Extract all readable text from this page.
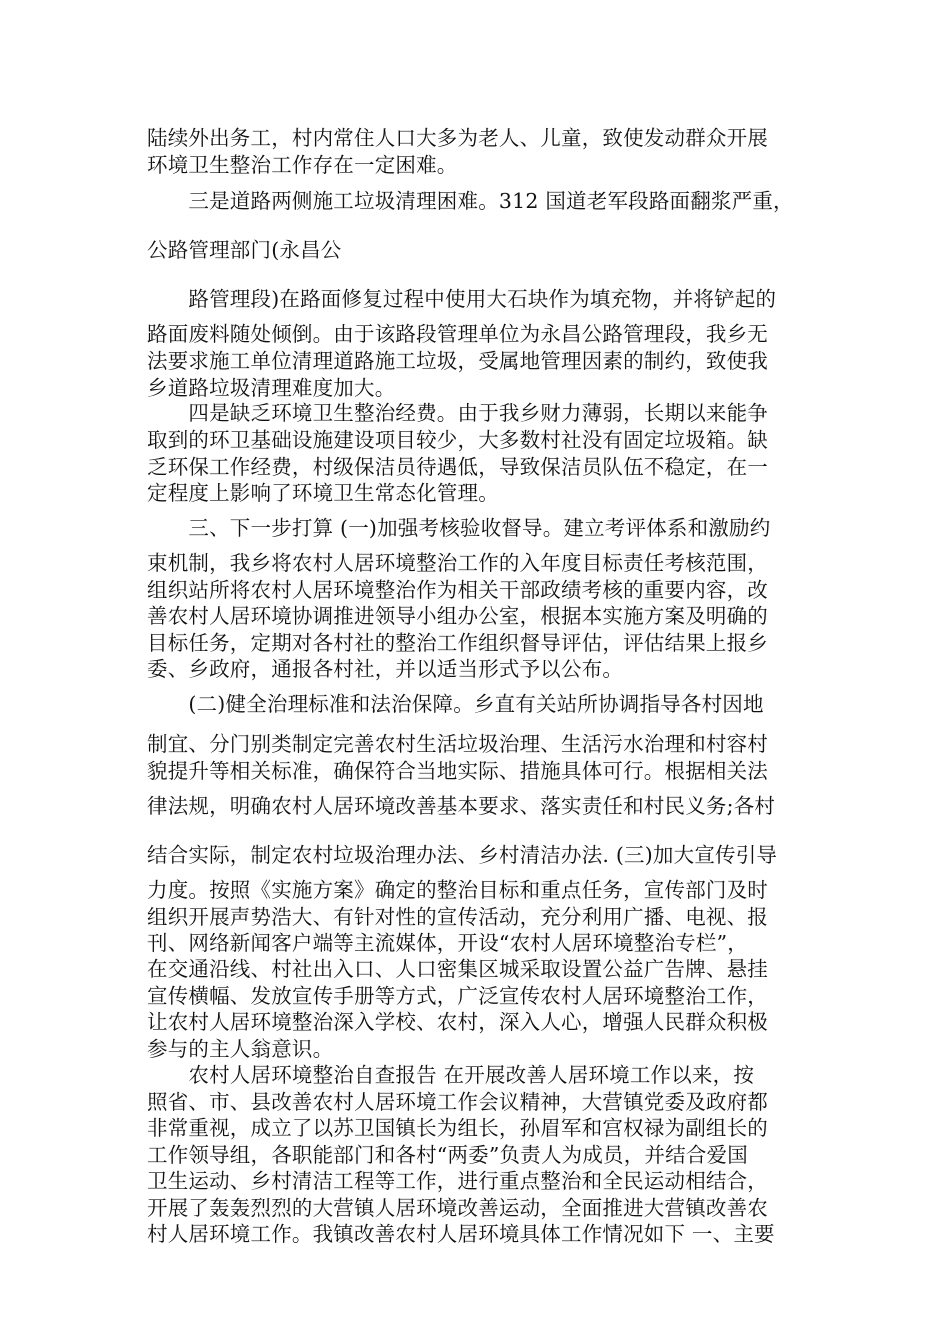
陆续外出务工，村内常住人口大多为老人、儿童，致使发动群众开展
环境卫生整治工作存在一定困难。
　　三是道路两侧施工垃圾清理困难。312 国道老军段路面翻浆严重，
公路管理部门(永昌公
　　路管理段)在路面修复过程中使用大石块作为填充物，并将铲起的
路面废料随处倾倒。由于该路段管理单位为永昌公路管理段，我乡无
法要求施工单位清理道路施工垃圾，受属地管理因素的制约，致使我
乡道路垃圾清理难度加大。
　　四是缺乏环境卫生整治经费。由于我乡财力薄弱，长期以来能争
取到的环卫基础设施建设项目较少，大多数村社没有固定垃圾箱。缺
乏环保工作经费，村级保洁员待遇低，导致保洁员队伍不稳定，在一
定程度上影响了环境卫生常态化管理。
　　三、下一步打算 (一)加强考核验收督导。建立考评体系和激励约
束机制，我乡将农村人居环境整治工作的入年度目标责任考核范围，
组织站所将农村人居环境整治作为相关干部政绩考核的重要内容，改
善农村人居环境协调推进领导小组办公室，根据本实施方案及明确的
目标任务，定期对各村社的整治工作组织督导评估，评估结果上报乡
委、乡政府，通报各村社，并以适当形式予以公布。
　　(二)健全治理标准和法治保障。乡直有关站所协调指导各村因地
制宜、分门别类制定完善农村生活垃圾治理、生活污水治理和村容村
貌提升等相关标准，确保符合当地实际、措施具体可行。根据相关法
律法规，明确农村人居环境改善基本要求、落实责任和村民义务;各村
结合实际，制定农村垃圾治理办法、乡村清洁办法. (三)加大宣传引导
力度。按照《实施方案》确定的整治目标和重点任务，宣传部门及时
组织开展声势浩大、有针对性的宣传活动，充分利用广播、电视、报
刊、网络新闻客户端等主流媒体，开设“农村人居环境整治专栏”，
在交通沿线、村社出入口、人口密集区城采取设置公益广告牌、悬挂
宣传横幅、发放宣传手册等方式，广泛宣传农村人居环境整治工作，
让农村人居环境整治深入学校、农村，深入人心，增强人民群众积极
参与的主人翁意识。
　　农村人居环境整治自查报告 在开展改善人居环境工作以来，按
照省、市、县改善农村人居环境工作会议精神，大营镇党委及政府都
非常重视，成立了以苏卫国镇长为组长，孙眉军和宫权禄为副组长的
工作领导组，各职能部门和各村“两委”负责人为成员，并结合爱国
卫生运动、乡村清洁工程等工作，进行重点整治和全民运动相结合，
开展了轰轰烈烈的大营镇人居环境改善运动，全面推进大营镇改善农
村人居环境工作。我镇改善农村人居环境具体工作情况如下 一、主要
